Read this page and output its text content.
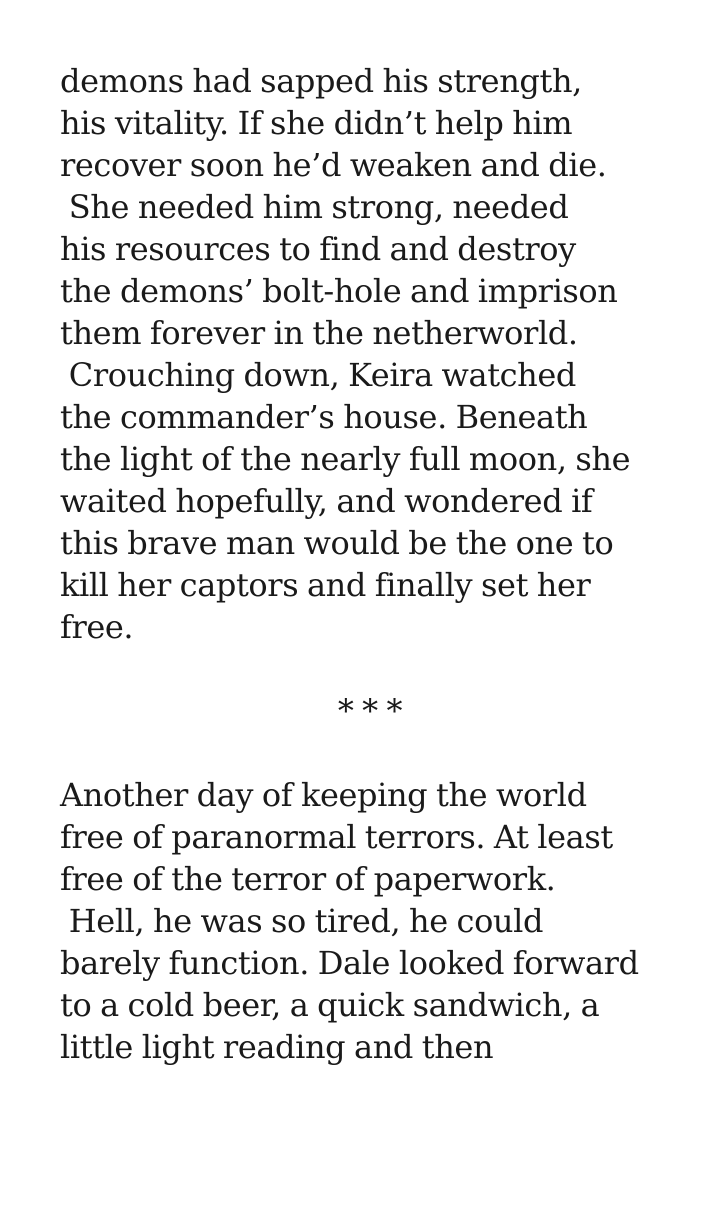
demons had sapped his strength,
his vitality. If she didn’t help him
recover soon he’d weaken and die.
She needed him strong, needed
his resources to find and destroy
the demons’ bolt-hole and imprison
them forever in the netherworld.
Crouching down, Keira watched
the commander’s house. Beneath
the light of the nearly full moon, she
waited hopefully, and wondered if
this brave man would be the one to
kill her captors and finally set her
free.
* * *
Another day of keeping the world
free of paranormal terrors. At least
free of the terror of paperwork.
Hell, he was so tired, he could
barely function. Dale looked forward
to a cold beer, a quick sandwich, a
little light reading and then
